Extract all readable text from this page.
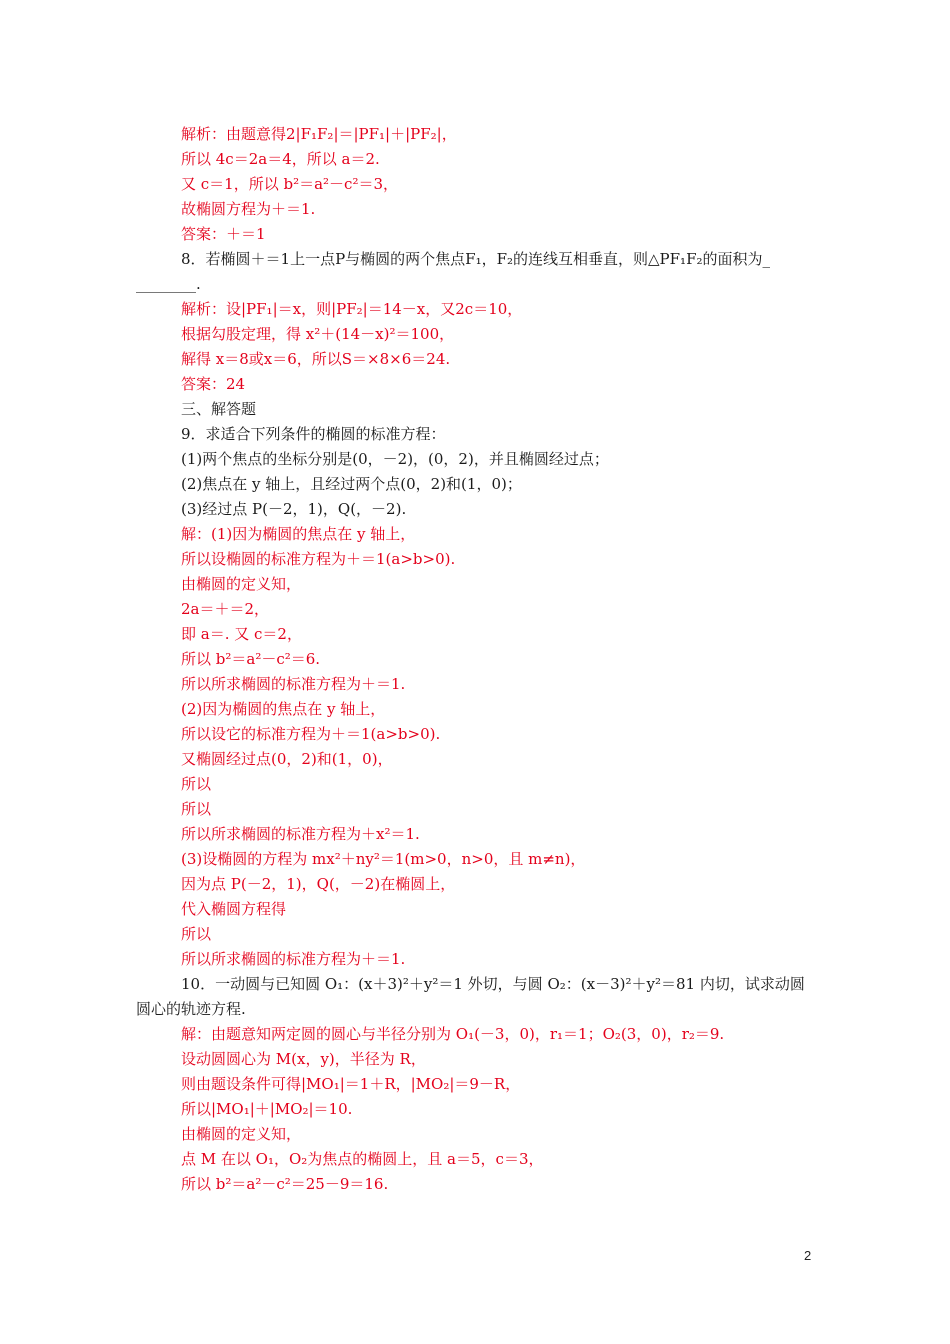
解析：由题意得2|F₁F₂|＝|PF₁|＋|PF₂|，
所以 4c＝2a＝4，所以 a＝2.
又 c＝1，所以 b²＝a²－c²＝3，
故椭圆方程为＋＝1.
答案：＋＝1
8．若椭圆＋＝1上一点P与椭圆的两个焦点F₁，F₂的连线互相垂直，则△PF₁F₂的面积为_
________.
解析：设|PF₁|＝x，则|PF₂|＝14－x，又2c＝10，
根据勾股定理，得 x²＋(14－x)²＝100，
解得 x＝8或x＝6，所以S＝×8×6＝24.
答案：24
三、解答题
9．求适合下列条件的椭圆的标准方程：
(1)两个焦点的坐标分别是(0，－2)，(0，2)，并且椭圆经过点；
(2)焦点在 y 轴上，且经过两个点(0，2)和(1，0)；
(3)经过点 P(－2，1)，Q(，－2).
解：(1)因为椭圆的焦点在 y 轴上，
所以设椭圆的标准方程为＋＝1(a>b>0).
由椭圆的定义知，
2a＝＋＝2，
即 a＝. 又 c＝2，
所以 b²＝a²－c²＝6.
所以所求椭圆的标准方程为＋＝1.
(2)因为椭圆的焦点在 y 轴上，
所以设它的标准方程为＋＝1(a>b>0).
又椭圆经过点(0，2)和(1，0)，
所以
所以
所以所求椭圆的标准方程为＋x²＝1.
(3)设椭圆的方程为 mx²＋ny²＝1(m>0，n>0，且 m≠n)，
因为点 P(－2，1)，Q(，－2)在椭圆上，
代入椭圆方程得
所以
所以所求椭圆的标准方程为＋＝1.
10．一动圆与已知圆 O₁：(x＋3)²＋y²＝1 外切，与圆 O₂：(x－3)²＋y²＝81 内切，试求动圆
圆心的轨迹方程.
解：由题意知两定圆的圆心与半径分别为 O₁(－3，0)，r₁＝1；O₂(3，0)，r₂＝9.
设动圆圆心为 M(x，y)，半径为 R，
则由题设条件可得|MO₁|＝1＋R，|MO₂|＝9－R，
所以|MO₁|＋|MO₂|＝10.
由椭圆的定义知，
点 M 在以 O₁，O₂为焦点的椭圆上，且 a＝5，c＝3，
所以 b²＝a²－c²＝25－9＝16.
2
